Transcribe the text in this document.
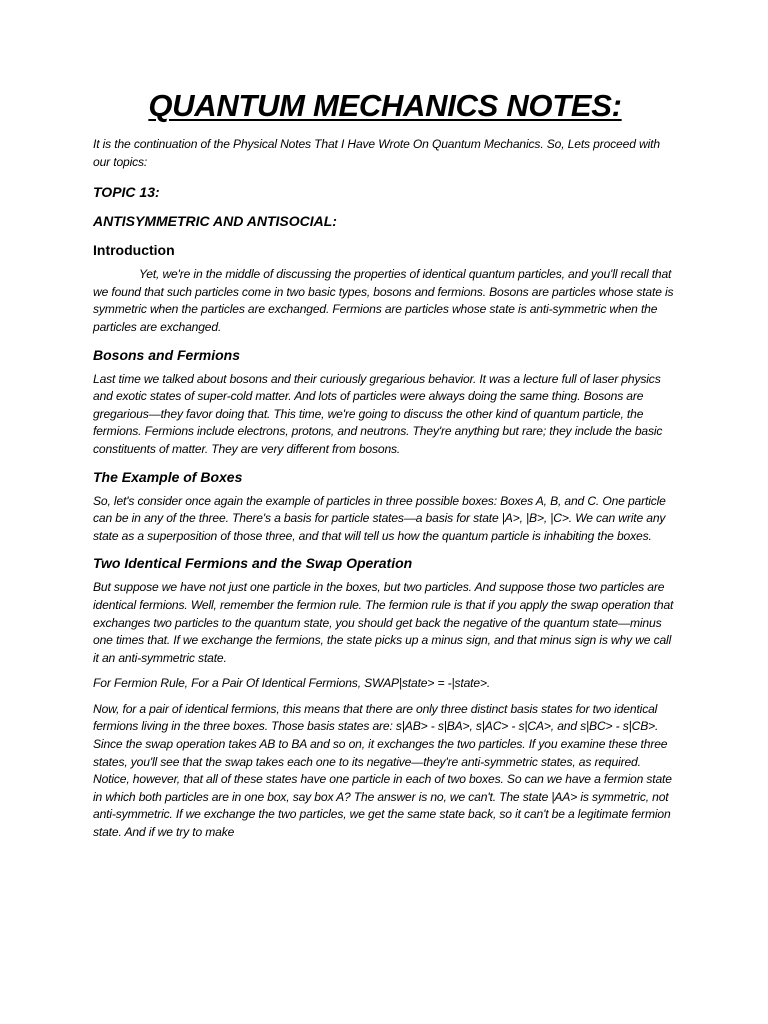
QUANTUM MECHANICS NOTES:

It is the continuation of the Physical Notes That I Have Wrote On Quantum Mechanics. So, Lets proceed with our topics:

TOPIC 13:
ANTISYMMETRIC AND ANTISOCIAL:
Introduction

Yet, we're in the middle of discussing the properties of identical quantum particles, and you'll recall that we found that such particles come in two basic types, bosons and fermions. Bosons are particles whose state is symmetric when the particles are exchanged. Fermions are particles whose state is anti-symmetric when the particles are exchanged.

Bosons and Fermions

Last time we talked about bosons and their curiously gregarious behavior. It was a lecture full of laser physics and exotic states of super-cold matter. And lots of particles were always doing the same thing. Bosons are gregarious—they favor doing that. This time, we're going to discuss the other kind of quantum particle, the fermions. Fermions include electrons, protons, and neutrons. They're anything but rare; they include the basic constituents of matter. They are very different from bosons.

The Example of Boxes

So, let's consider once again the example of particles in three possible boxes: Boxes A, B, and C. One particle can be in any of the three. There's a basis for particle states—a basis for state |A>, |B>, |C>. We can write any state as a superposition of those three, and that will tell us how the quantum particle is inhabiting the boxes.

Two Identical Fermions and the Swap Operation

But suppose we have not just one particle in the boxes, but two particles. And suppose those two particles are identical fermions. Well, remember the fermion rule. The fermion rule is that if you apply the swap operation that exchanges two particles to the quantum state, you should get back the negative of the quantum state—minus one times that. If we exchange the fermions, the state picks up a minus sign, and that minus sign is why we call it an anti-symmetric state.

For Fermion Rule, For a Pair Of Identical Fermions, SWAP|state> = -|state>.

Now, for a pair of identical fermions, this means that there are only three distinct basis states for two identical fermions living in the three boxes. Those basis states are: s|AB> - s|BA>, s|AC> - s|CA>, and s|BC> - s|CB>. Since the swap operation takes AB to BA and so on, it exchanges the two particles. If you examine these three states, you'll see that the swap takes each one to its negative—they're anti-symmetric states, as required. Notice, however, that all of these states have one particle in each of two boxes. So can we have a fermion state in which both particles are in one box, say box A? The answer is no, we can't. The state |AA> is symmetric, not anti-symmetric. If we exchange the two particles, we get the same state back, so it can't be a legitimate fermion state. And if we try to make
